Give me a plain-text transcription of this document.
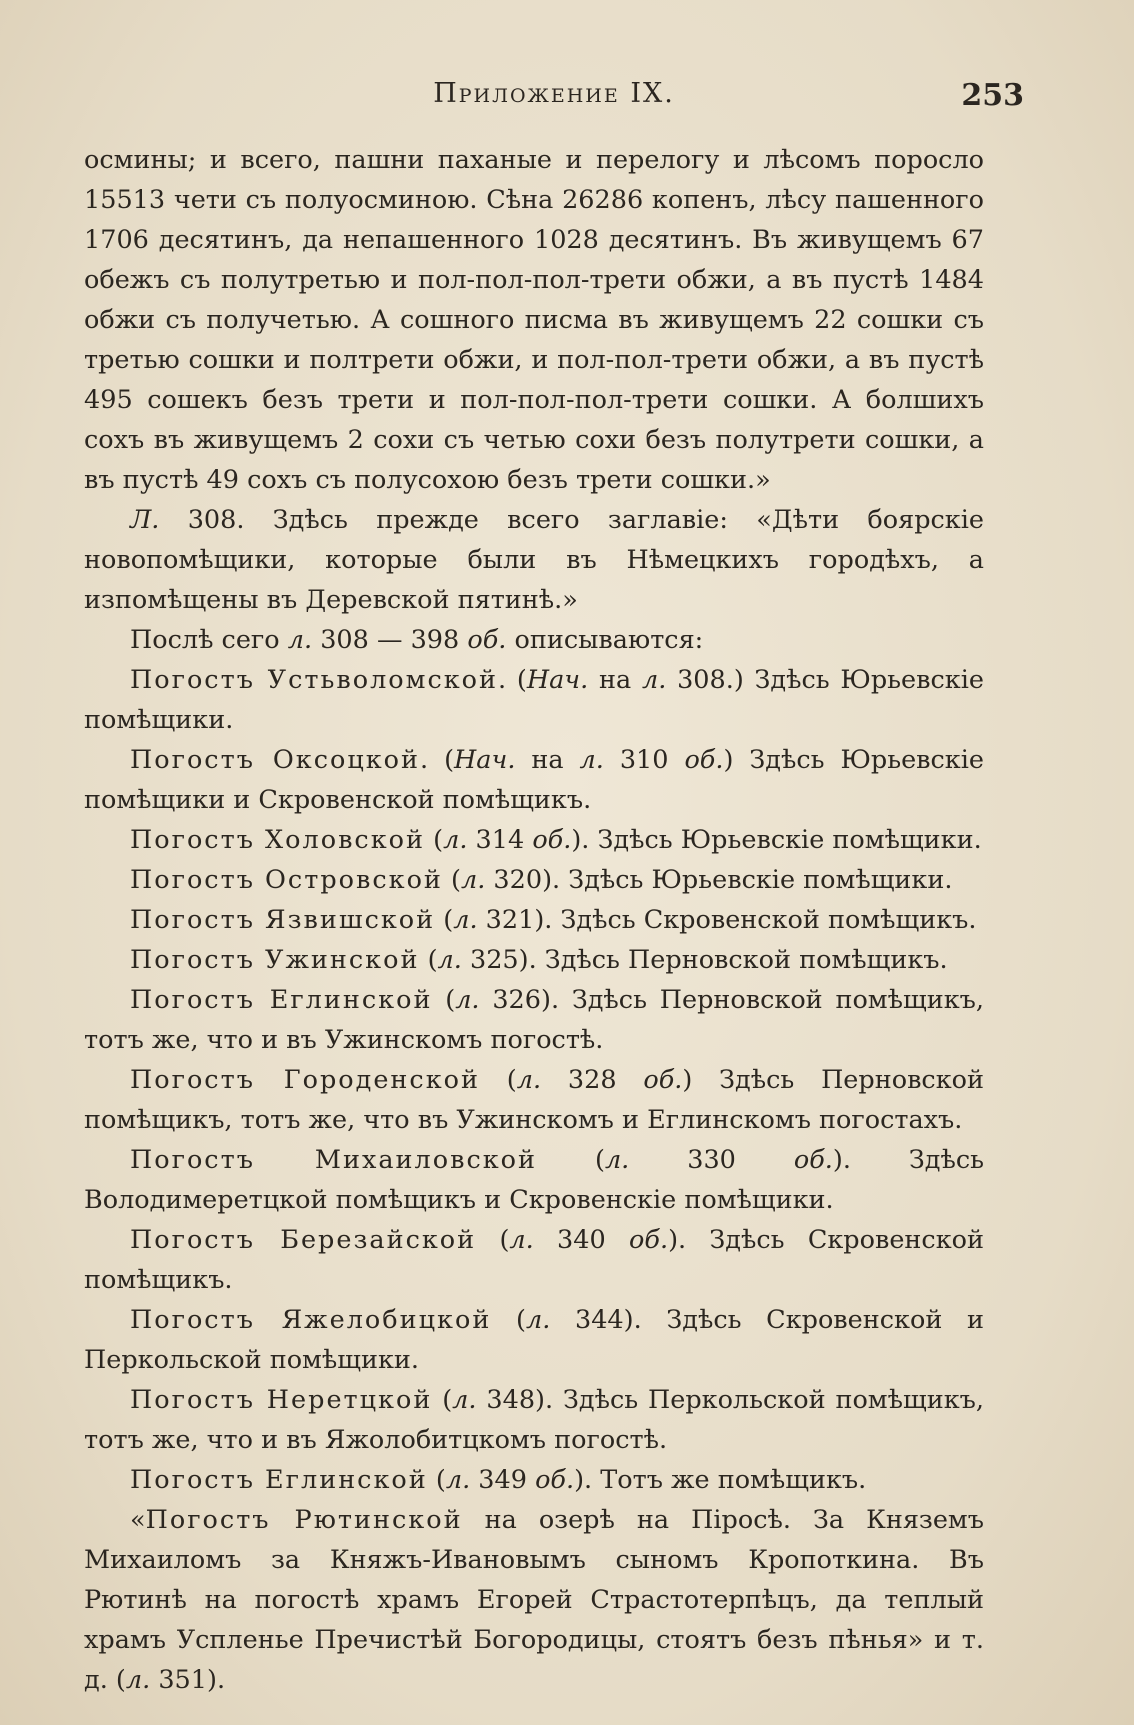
Приложение IX.	253

осмины; и всего, пашни паханые и перелогу и лѣсомъ поросло 15513 чети съ полуосминою. Сѣна 26286 копенъ, лѣсу пашенного 1706 десятинъ, да непашенного 1028 десятинъ. Въ живущемъ 67 обежъ съ полутретью и пол-пол-пол-трети обжи, а въ пустѣ 1484 обжи съ получетью. А сошного писма въ живущемъ 22 сошки съ третью сошки и полтрети обжи, и пол-пол-трети обжи, а въ пустѣ 495 сошекъ безъ трети и пол-пол-пол-трети сошки. А болшихъ сохъ въ живущемъ 2 сохи съ четью сохи безъ полутрети сошки, а въ пустѣ 49 сохъ съ полусохою безъ трети сошки.»

Л. 308. Здѣсь прежде всего заглавіе: «Дѣти боярскіе новопомѣщики, которые были въ Нѣмецкихъ городѣхъ, а изпомѣщены въ Деревской пятинѣ.»

Послѣ сего л. 308 — 398 об. описываются:

Погостъ Устьволомской. (Нач. на л. 308.) Здѣсь Юрьевскіе помѣщики.

Погостъ Оксоцкой. (Нач. на л. 310 об.) Здѣсь Юрьевскіе помѣщики и Скровенской помѣщикъ.

Погостъ Холовской (л. 314 об.). Здѣсь Юрьевскіе помѣщики.

Погостъ Островской (л. 320). Здѣсь Юрьевскіе помѣщики.

Погостъ Язвишской (л. 321). Здѣсь Скровенской помѣщикъ.

Погостъ Ужинской (л. 325). Здѣсь Перновской помѣщикъ.

Погостъ Еглинской (л. 326). Здѣсь Перновской помѣщикъ, тотъ же, что и въ Ужинскомъ погостѣ.

Погостъ Городенской (л. 328 об.) Здѣсь Перновской помѣщикъ, тотъ же, что въ Ужинскомъ и Еглинскомъ погостахъ.

Погостъ Михаиловской (л. 330 об.). Здѣсь Володимеретцкой помѣщикъ и Скровенскіе помѣщики.

Погостъ Березайской (л. 340 об.). Здѣсь Скровенской помѣщикъ.

Погостъ Яжелобицкой (л. 344). Здѣсь Скровенской и Перкольской помѣщики.

Погостъ Неретцкой (л. 348). Здѣсь Перкольской помѣщикъ, тотъ же, что и въ Яжолобитцкомъ погостѣ.

Погостъ Еглинской (л. 349 об.). Тотъ же помѣщикъ.

«Погостъ Рютинской на озерѣ на Піросѣ. За Княземъ Михаиломъ за Княжъ-Ивановымъ сыномъ Кропоткина. Въ Рютинѣ на погостѣ храмъ Егорей Страстотерпѣцъ, да теплый храмъ Успленье Пречистѣй Богородицы, стоятъ безъ пѣнья» и т. д. (л. 351).
